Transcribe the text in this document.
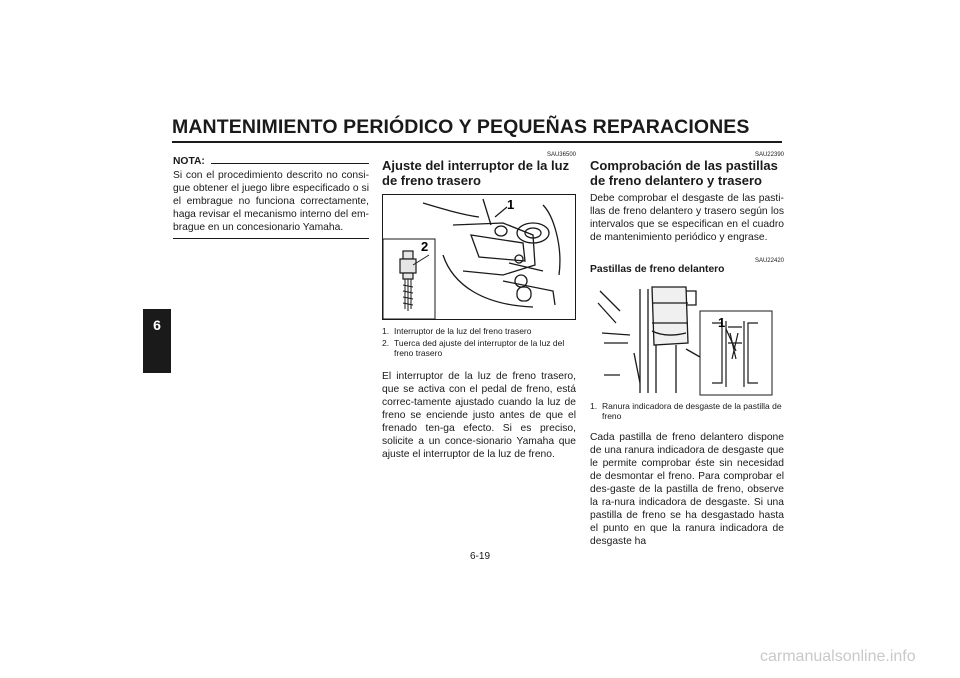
MANTENIMIENTO PERIÓDICO Y PEQUEÑAS REPARACIONES
6
NOTA:
Si con el procedimiento descrito no consi-gue obtener el juego libre especificado o si el embrague no funciona correctamente, haga revisar el mecanismo interno del em-brague en un concesionario Yamaha.
SAU36500
Ajuste del interruptor de la luz de freno trasero
1
2
1. Interruptor de la luz del freno trasero
2. Tuerca ded ajuste del interruptor de la luz del freno trasero
El interruptor de la luz de freno trasero, que se activa con el pedal de freno, está correc-tamente ajustado cuando la luz de freno se enciende justo antes de que el frenado ten-ga efecto. Si es preciso, solicite a un conce-sionario Yamaha que ajuste el interruptor de la luz de freno.
SAU22390
Comprobación de las pastillas de freno delantero y trasero
Debe comprobar el desgaste de las pasti-llas de freno delantero y trasero según los intervalos que se especifican en el cuadro de mantenimiento periódico y engrase.
SAU22420
Pastillas de freno delantero
1
1. Ranura indicadora de desgaste de la pastilla de freno
Cada pastilla de freno delantero dispone de una ranura indicadora de desgaste que le permite comprobar éste sin necesidad de desmontar el freno. Para comprobar el des-gaste de la pastilla de freno, observe la ra-nura indicadora de desgaste. Si una pastilla de freno se ha desgastado hasta el punto en que la ranura indicadora de desgaste ha
6-19
carmanualsonline.info
